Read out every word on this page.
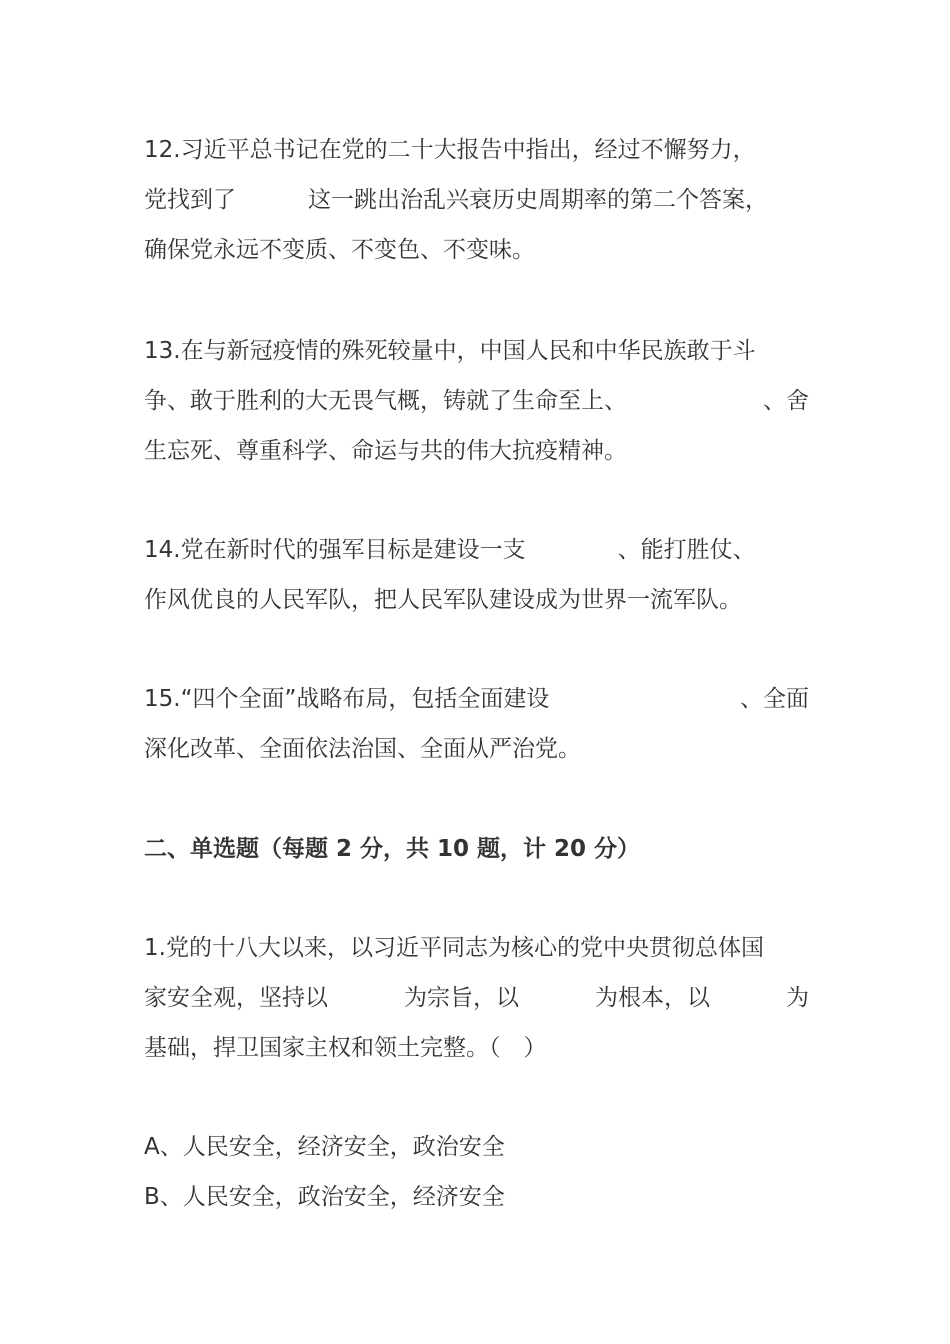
12.习近平总书记在党的二十大报告中指出，经过不懈努力，
党找到了	这一跳出治乱兴衰历史周期率的第二个答案，
确保党永远不变质、不变色、不变味。
13.在与新冠疫情的殊死较量中，中国人民和中华民族敢于斗
争、敢于胜利的大无畏气概，铸就了生命至上、	、舍
生忘死、尊重科学、命运与共的伟大抗疫精神。
14.党在新时代的强军目标是建设一支	、能打胜仗、
作风优良的人民军队，把人民军队建设成为世界一流军队。
15.“四个全面”战略布局，包括全面建设	、全面
深化改革、全面依法治国、全面从严治党。
二、单选题（每题 2 分，共 10 题，计 20 分）
1.党的十八大以来，以习近平同志为核心的党中央贯彻总体国
家安全观，坚持以	为宗旨，以	为根本，以	为
基础，捍卫国家主权和领土完整。（　）
A、人民安全，经济安全，政治安全
B、人民安全，政治安全，经济安全
